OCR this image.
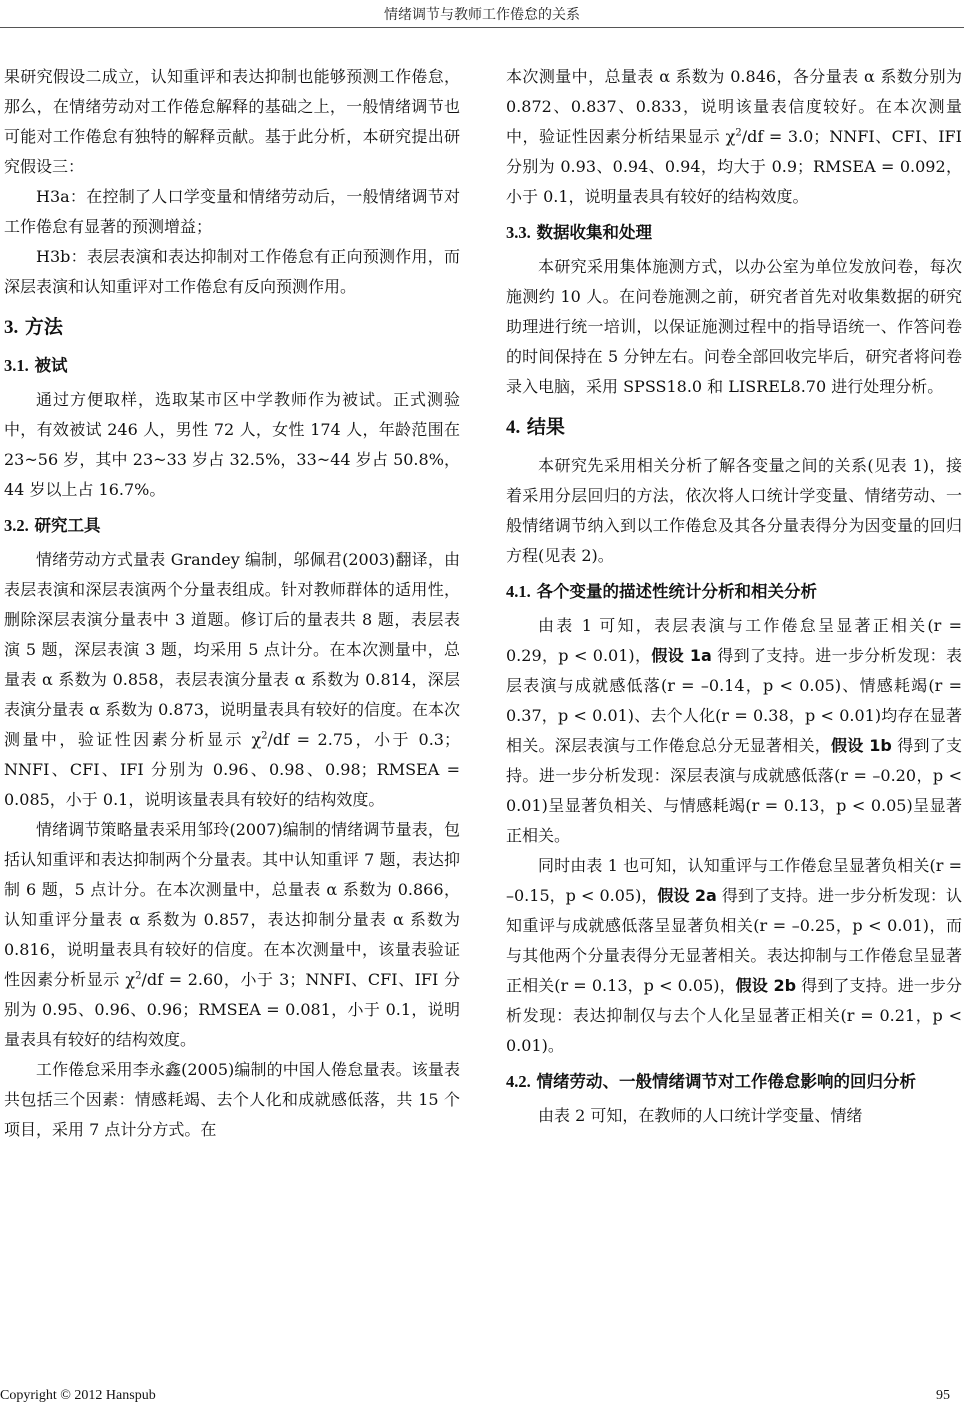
情绪调节与教师工作倦怠的关系

果研究假设二成立，认知重评和表达抑制也能够预测工作倦怠，那么，在情绪劳动对工作倦怠解释的基础之上，一般情绪调节也可能对工作倦怠有独特的解释贡献。基于此分析，本研究提出研究假设三：

H3a：在控制了人口学变量和情绪劳动后，一般情绪调节对工作倦怠有显著的预测增益；

H3b：表层表演和表达抑制对工作倦怠有正向预测作用，而深层表演和认知重评对工作倦怠有反向预测作用。

3. 方法
3.1. 被试

通过方便取样，选取某市区中学教师作为被试。正式测验中，有效被试 246 人，男性 72 人，女性 174 人，年龄范围在 23~56 岁，其中 23~33 岁占 32.5%，33~44 岁占 50.8%，44 岁以上占 16.7%。

3.2. 研究工具

情绪劳动方式量表 Grandey 编制，邬佩君(2003)翻译，由表层表演和深层表演两个分量表组成。针对教师群体的适用性，删除深层表演分量表中 3 道题。修订后的量表共 8 题，表层表演 5 题，深层表演 3 题，均采用 5 点计分。在本次测量中，总量表 α 系数为 0.858，表层表演分量表 α 系数为 0.814，深层表演分量表 α 系数为 0.873，说明量表具有较好的信度。在本次测量中，验证性因素分析显示 $\chi^2/df = 2.75$，小于 0.3；NNFI、CFI、IFI 分别为 0.96、0.98、0.98；RMSEA = 0.085，小于 0.1，说明该量表具有较好的结构效度。

情绪调节策略量表采用邹玲(2007)编制的情绪调节量表，包括认知重评和表达抑制两个分量表。其中认知重评 7 题，表达抑制 6 题，5 点计分。在本次测量中，总量表 α 系数为 0.866，认知重评分量表 α 系数为 0.857，表达抑制分量表 α 系数为 0.816，说明量表具有较好的信度。在本次测量中，该量表验证性因素分析显示 $\chi^2/df = 2.60$，小于 3；NNFI、CFI、IFI 分别为 0.95、0.96、0.96；RMSEA = 0.081，小于 0.1，说明量表具有较好的结构效度。

工作倦怠采用李永鑫(2005)编制的中国人倦怠量表。该量表共包括三个因素：情感耗竭、去个人化和成就感低落，共 15 个项目，采用 7 点计分方式。在

本次测量中，总量表 α 系数为 0.846，各分量表 α 系数分别为 0.872、0.837、0.833，说明该量表信度较好。在本次测量中，验证性因素分析结果显示 $\chi^2/df = 3.0$；NNFI、CFI、IFI 分别为 0.93、0.94、0.94，均大于 0.9；RMSEA = 0.092，小于 0.1，说明量表具有较好的结构效度。

3.3. 数据收集和处理

本研究采用集体施测方式，以办公室为单位发放问卷，每次施测约 10 人。在问卷施测之前，研究者首先对收集数据的研究助理进行统一培训，以保证施测过程中的指导语统一、作答问卷的时间保持在 5 分钟左右。问卷全部回收完毕后，研究者将问卷录入电脑，采用 SPSS18.0 和 LISREL8.70 进行处理分析。

4. 结果

本研究先采用相关分析了解各变量之间的关系(见表 1)，接着采用分层回归的方法，依次将人口统计学变量、情绪劳动、一般情绪调节纳入到以工作倦怠及其各分量表得分为因变量的回归方程(见表 2)。

4.1. 各个变量的描述性统计分析和相关分析

由表 1 可知，表层表演与工作倦怠呈显著正相关(r = 0.29，p < 0.01)，假设 1a 得到了支持。进一步分析发现：表层表演与成就感低落(r = –0.14，p < 0.05)、情感耗竭(r = 0.37，p < 0.01)、去个人化(r = 0.38，p < 0.01)均存在显著相关。深层表演与工作倦怠总分无显著相关，假设 1b 得到了支持。进一步分析发现：深层表演与成就感低落(r = –0.20，p < 0.01)呈显著负相关、与情感耗竭(r = 0.13，p < 0.05)呈显著正相关。

同时由表 1 也可知，认知重评与工作倦怠呈显著负相关(r = –0.15，p < 0.05)，假设 2a 得到了支持。进一步分析发现：认知重评与成就感低落呈显著负相关(r = –0.25，p < 0.01)，而与其他两个分量表得分无显著相关。表达抑制与工作倦怠呈显著正相关(r = 0.13，p < 0.05)，假设 2b 得到了支持。进一步分析发现：表达抑制仅与去个人化呈显著正相关(r = 0.21，p < 0.01)。

4.2. 情绪劳动、一般情绪调节对工作倦怠影响的回归分析

由表 2 可知，在教师的人口统计学变量、情绪

Copyright © 2012 Hanspub	95
